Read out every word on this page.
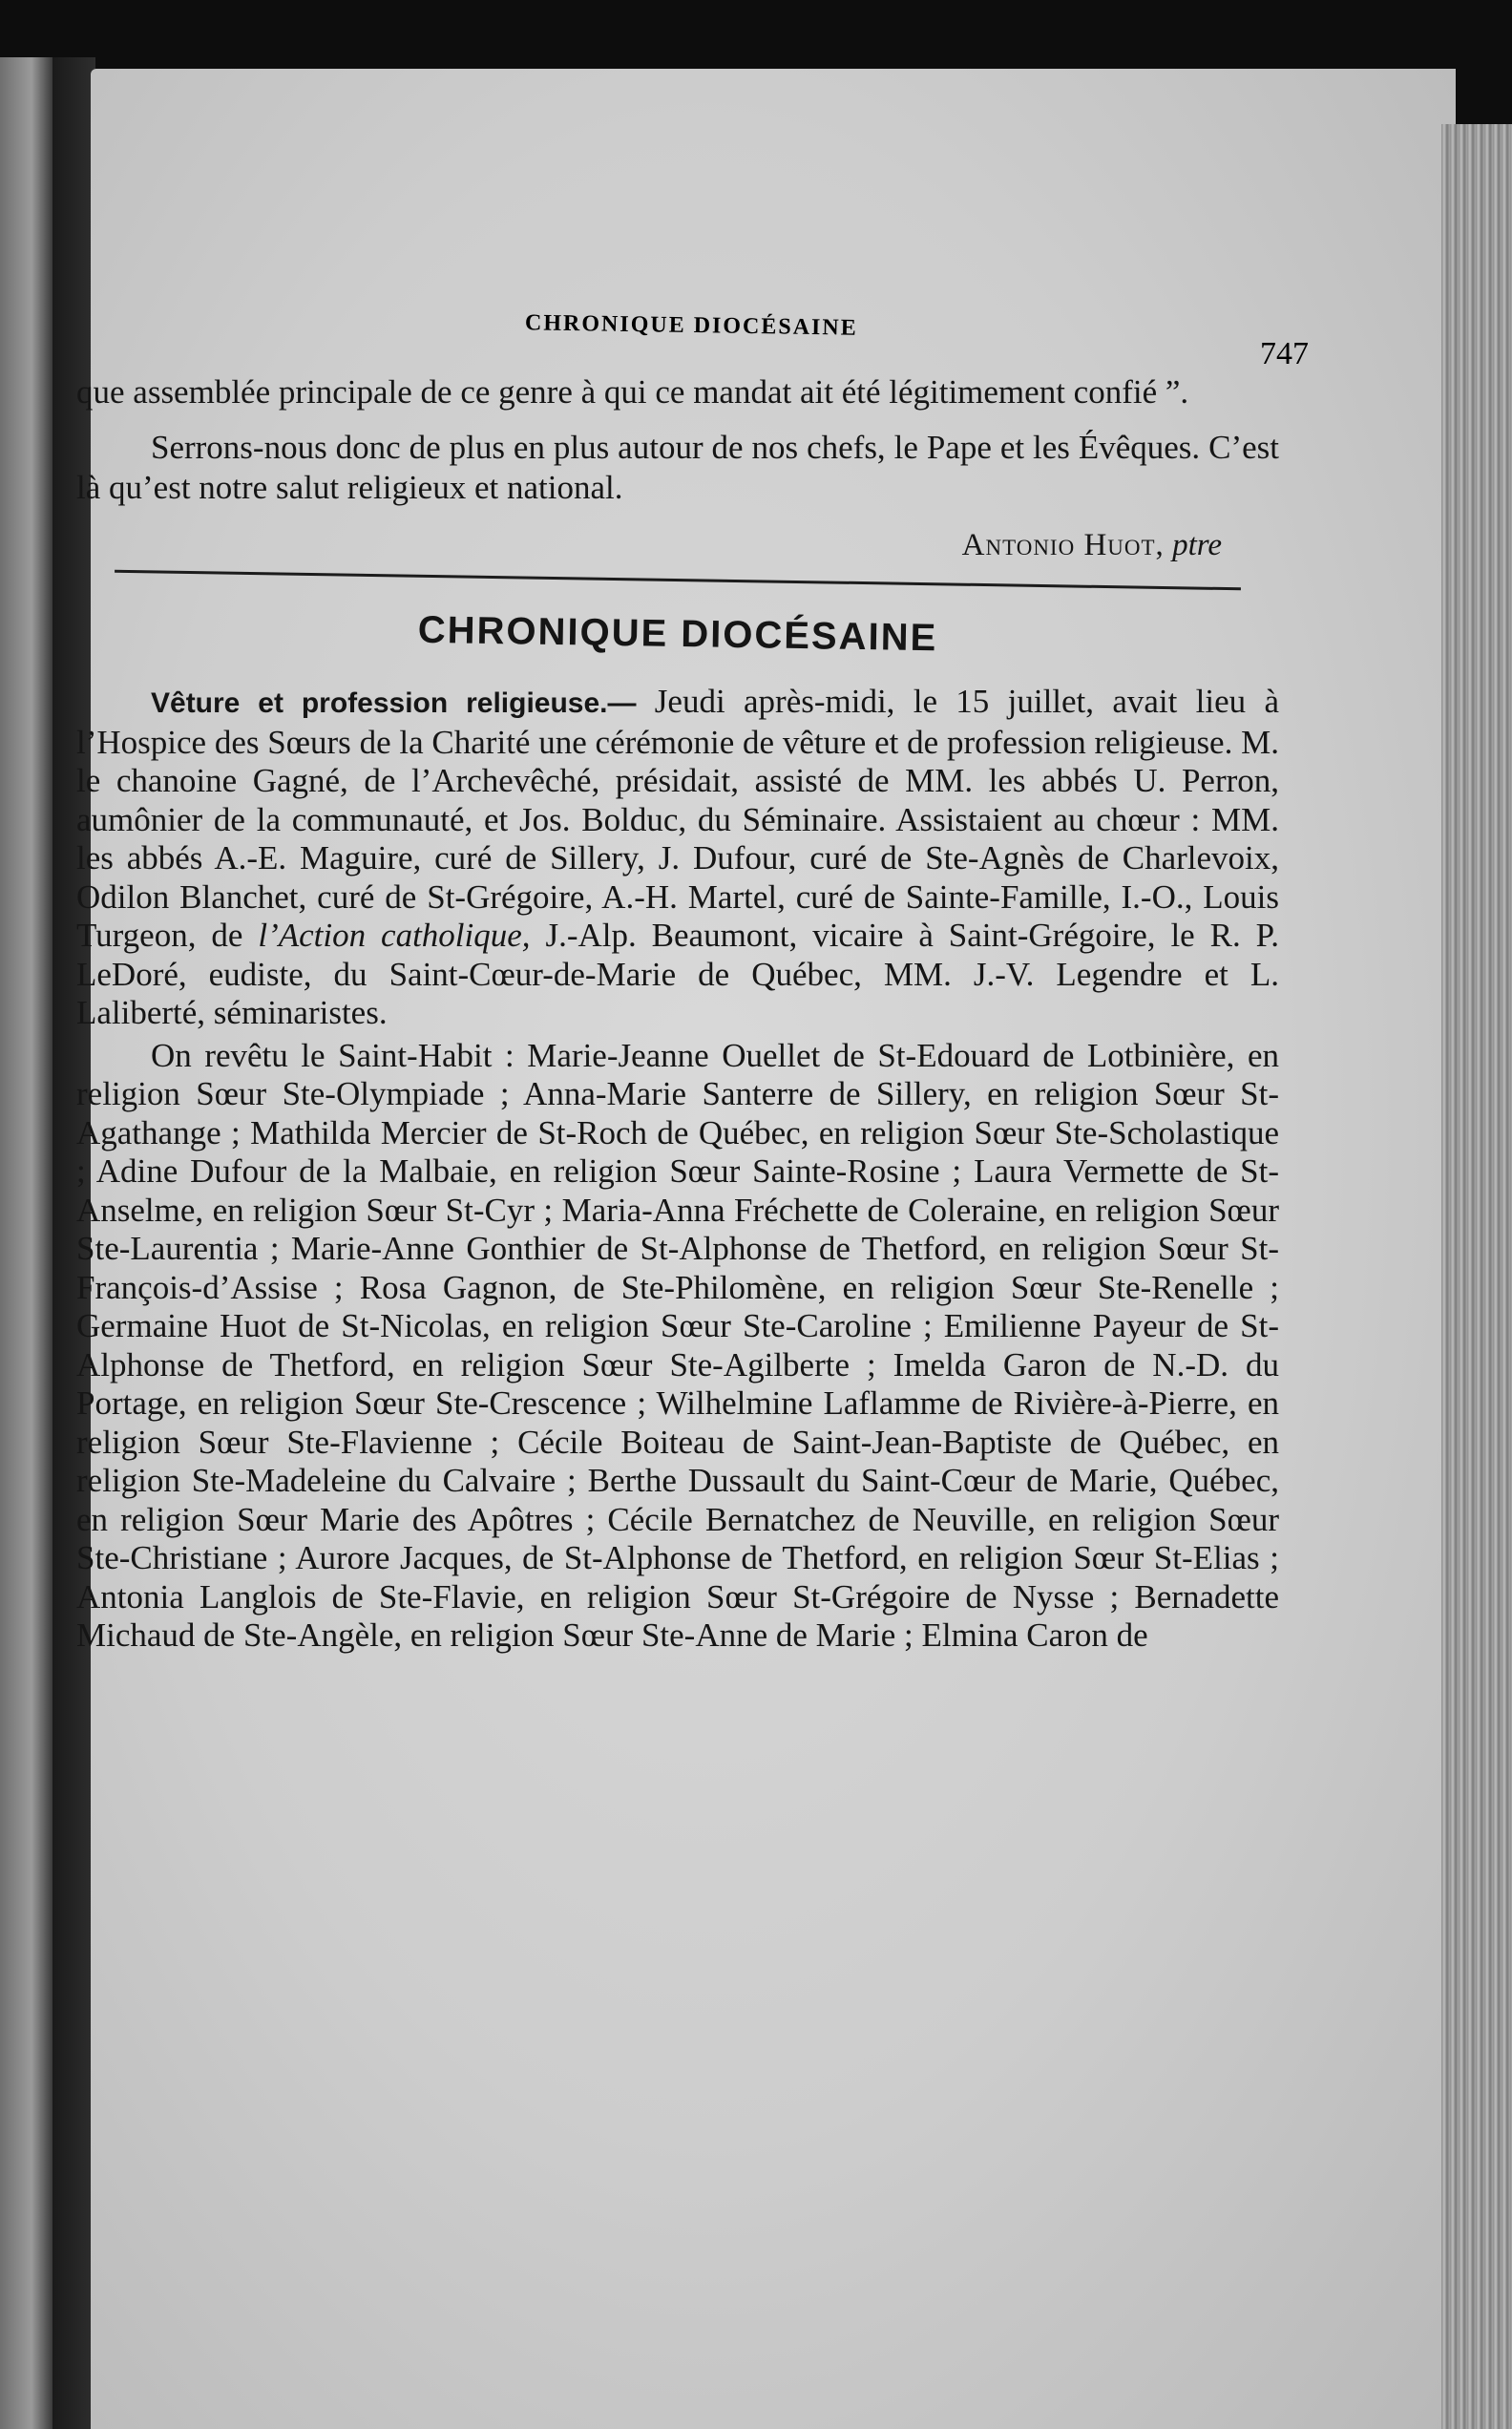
CHRONIQUE DIOCÉSAINE
747

que assemblée principale de ce genre à qui ce mandat ait été légitimement confié ”.

Serrons-nous donc de plus en plus autour de nos chefs, le Pape et les Évêques. C’est là qu’est notre salut religieux et national.

Antonio Huot, ptre
CHRONIQUE DIOCÉSAINE

Vêture et profession religieuse.— Jeudi après-midi, le 15 juillet, avait lieu à l’Hospice des Sœurs de la Charité une cérémonie de vêture et de profession religieuse. M. le chanoine Gagné, de l’Archevêché, présidait, assisté de MM. les abbés U. Perron, aumônier de la communauté, et Jos. Bolduc, du Séminaire. Assistaient au chœur : MM. les abbés A.-E. Maguire, curé de Sillery, J. Dufour, curé de Ste-Agnès de Charlevoix, Odilon Blanchet, curé de St-Grégoire, A.-H. Martel, curé de Sainte-Famille, I.-O., Louis Turgeon, de l’Action catholique, J.-Alp. Beaumont, vicaire à Saint-Grégoire, le R. P. LeDoré, eudiste, du Saint-Cœur-de-Marie de Québec, MM. J.-V. Legendre et L. Laliberté, séminaristes.

On revêtu le Saint-Habit : Marie-Jeanne Ouellet de St-Edouard de Lotbinière, en religion Sœur Ste-Olympiade ; Anna-Marie Santerre de Sillery, en religion Sœur St-Agathange ; Mathilda Mercier de St-Roch de Québec, en religion Sœur Ste-Scholastique ; Adine Dufour de la Malbaie, en religion Sœur Sainte-Rosine ; Laura Vermette de St-Anselme, en religion Sœur St-Cyr ; Maria-Anna Fréchette de Coleraine, en religion Sœur Ste-Laurentia ; Marie-Anne Gonthier de St-Alphonse de Thetford, en religion Sœur St-François-d’Assise ; Rosa Gagnon, de Ste-Philomène, en religion Sœur Ste-Renelle ; Germaine Huot de St-Nicolas, en religion Sœur Ste-Caroline ; Emilienne Payeur de St-Alphonse de Thetford, en religion Sœur Ste-Agilberte ; Imelda Garon de N.-D. du Portage, en religion Sœur Ste-Crescence ; Wilhelmine Laflamme de Rivière-à-Pierre, en religion Sœur Ste-Flavienne ; Cécile Boiteau de Saint-Jean-Baptiste de Québec, en religion Ste-Madeleine du Calvaire ; Berthe Dussault du Saint-Cœur de Marie, Québec, en religion Sœur Marie des Apôtres ; Cécile Bernatchez de Neuville, en religion Sœur Ste-Christiane ; Aurore Jacques, de St-Alphonse de Thetford, en religion Sœur St-Elias ; Antonia Langlois de Ste-Flavie, en religion Sœur St-Grégoire de Nysse ; Bernadette Michaud de Ste-Angèle, en religion Sœur Ste-Anne de Marie ; Elmina Caron de
